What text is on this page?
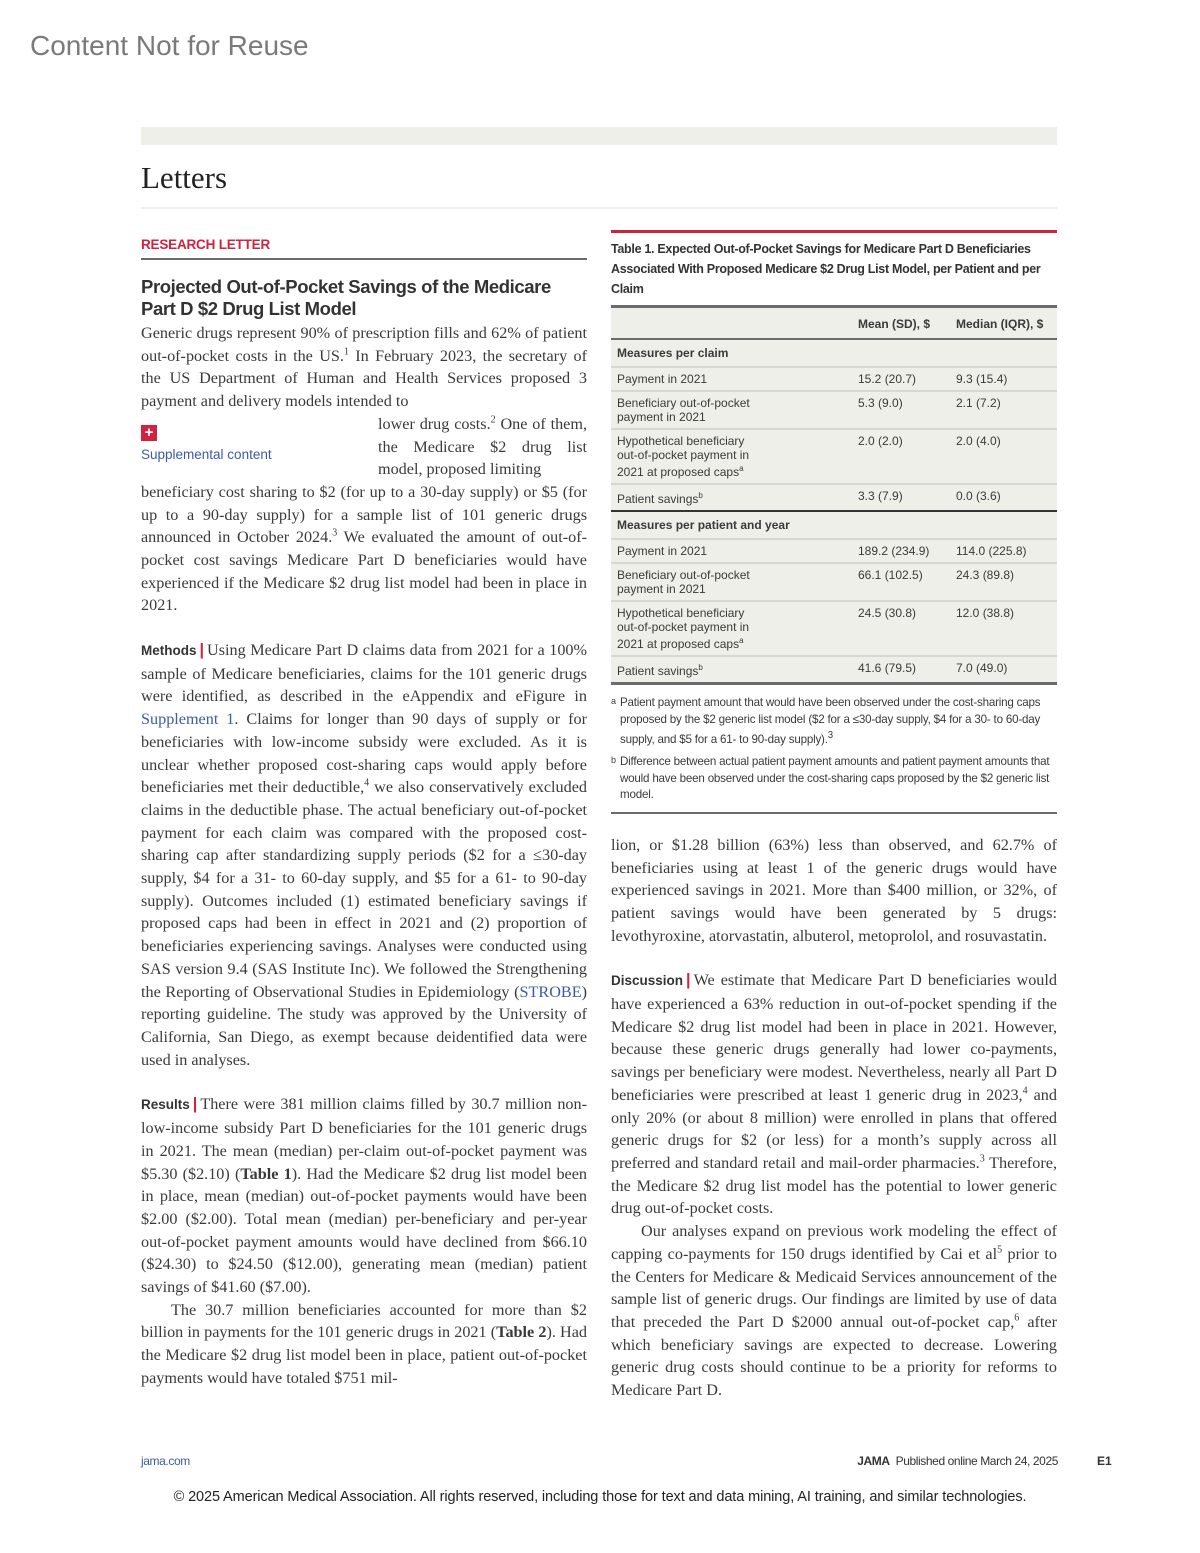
Content Not for Reuse
Letters
RESEARCH LETTER
Projected Out-of-Pocket Savings of the Medicare Part D $2 Drug List Model

Generic drugs represent 90% of prescription fills and 62% of patient out-of-pocket costs in the US.$^1$ In February 2023, the secretary of the US Department of Human and Health Services proposed 3 payment and delivery models intended to

+
Supplemental content

lower drug costs.$^2$ One of them, the Medicare $2 drug list model, proposed limiting

beneficiary cost sharing to $2 (for up to a 30-day supply) or $5 (for up to a 90-day supply) for a sample list of 101 generic drugs announced in October 2024.$^3$ We evaluated the amount of out-of-pocket cost savings Medicare Part D beneficiaries would have experienced if the Medicare $2 drug list model had been in place in 2021.

Methods | Using Medicare Part D claims data from 2021 for a 100% sample of Medicare beneficiaries, claims for the 101 generic drugs were identified, as described in the eAppendix and eFigure in Supplement 1. Claims for longer than 90 days of supply or for beneficiaries with low-income subsidy were excluded. As it is unclear whether proposed cost-sharing caps would apply before beneficiaries met their deductible,$^4$ we also conservatively excluded claims in the deductible phase. The actual beneficiary out-of-pocket payment for each claim was compared with the proposed cost-sharing cap after standardizing supply periods ($2 for a ≤30-day supply, $4 for a 31- to 60-day supply, and $5 for a 61- to 90-day supply). Outcomes included (1) estimated beneficiary savings if proposed caps had been in effect in 2021 and (2) proportion of beneficiaries experiencing savings. Analyses were conducted using SAS version 9.4 (SAS Institute Inc). We followed the Strengthening the Reporting of Observational Studies in Epidemiology (STROBE) reporting guideline. The study was approved by the University of California, San Diego, as exempt because deidentified data were used in analyses.

Results | There were 381 million claims filled by 30.7 million non-low-income subsidy Part D beneficiaries for the 101 generic drugs in 2021. The mean (median) per-claim out-of-pocket payment was $5.30 ($2.10) (Table 1). Had the Medicare $2 drug list model been in place, mean (median) out-of-pocket payments would have been $2.00 ($2.00). Total mean (median) per-beneficiary and per-year out-of-pocket payment amounts would have declined from $66.10 ($24.30) to $24.50 ($12.00), generating mean (median) patient savings of $41.60 ($7.00).

The 30.7 million beneficiaries accounted for more than $2 billion in payments for the 101 generic drugs in 2021 (Table 2). Had the Medicare $2 drug list model been in place, patient out-of-pocket payments would have totaled $751 mil-

Table 1. Expected Out-of-Pocket Savings for Medicare Part D Beneficiaries Associated With Proposed Medicare $2 Drug List Model, per Patient and per Claim
	Mean (SD), $	Median (IQR), $
Measures per claim		
Payment in 2021	15.2 (20.7)	9.3 (15.4)
Beneficiary out-of-pocket payment in 2021	5.3 (9.0)	2.1 (7.2)
Hypothetical beneficiary out-of-pocket payment in 2021 at proposed caps$^a$	2.0 (2.0)	2.0 (4.0)
Patient savings$^b$	3.3 (7.9)	0.0 (3.6)
Measures per patient and year		
Payment in 2021	189.2 (234.9)	114.0 (225.8)
Beneficiary out-of-pocket payment in 2021	66.1 (102.5)	24.3 (89.8)
Hypothetical beneficiary out-of-pocket payment in 2021 at proposed caps$^a$	24.5 (30.8)	12.0 (38.8)
Patient savings$^b$	41.6 (79.5)	7.0 (49.0)

a Patient payment amount that would have been observed under the cost-sharing caps proposed by the $2 generic list model ($2 for a ≤30-day supply, $4 for a 30- to 60-day supply, and $5 for a 61- to 90-day supply).$^3$

b Difference between actual patient payment amounts and patient payment amounts that would have been observed under the cost-sharing caps proposed by the $2 generic list model.

lion, or $1.28 billion (63%) less than observed, and 62.7% of beneficiaries using at least 1 of the generic drugs would have experienced savings in 2021. More than $400 million, or 32%, of patient savings would have been generated by 5 drugs: levothyroxine, atorvastatin, albuterol, metoprolol, and rosuvastatin.

Discussion | We estimate that Medicare Part D beneficiaries would have experienced a 63% reduction in out-of-pocket spending if the Medicare $2 drug list model had been in place in 2021. However, because these generic drugs generally had lower co-payments, savings per beneficiary were modest. Nevertheless, nearly all Part D beneficiaries were prescribed at least 1 generic drug in 2023,$^4$ and only 20% (or about 8 million) were enrolled in plans that offered generic drugs for $2 (or less) for a month’s supply across all preferred and standard retail and mail-order pharmacies.$^3$ Therefore, the Medicare $2 drug list model has the potential to lower generic drug out-of-pocket costs.

Our analyses expand on previous work modeling the effect of capping co-payments for 150 drugs identified by Cai et $al^5$ prior to the Centers for Medicare & Medicaid Services announcement of the sample list of generic drugs. Our findings are limited by use of data that preceded the Part D $2000 annual out-of-pocket cap,$^6$ after which beneficiary savings are expected to decrease. Lowering generic drug costs should continue to be a priority for reforms to Medicare Part D.

jama.com	JAMA Published online March 24, 2025	E1
© 2025 American Medical Association. All rights reserved, including those for text and data mining, AI training, and similar technologies.
